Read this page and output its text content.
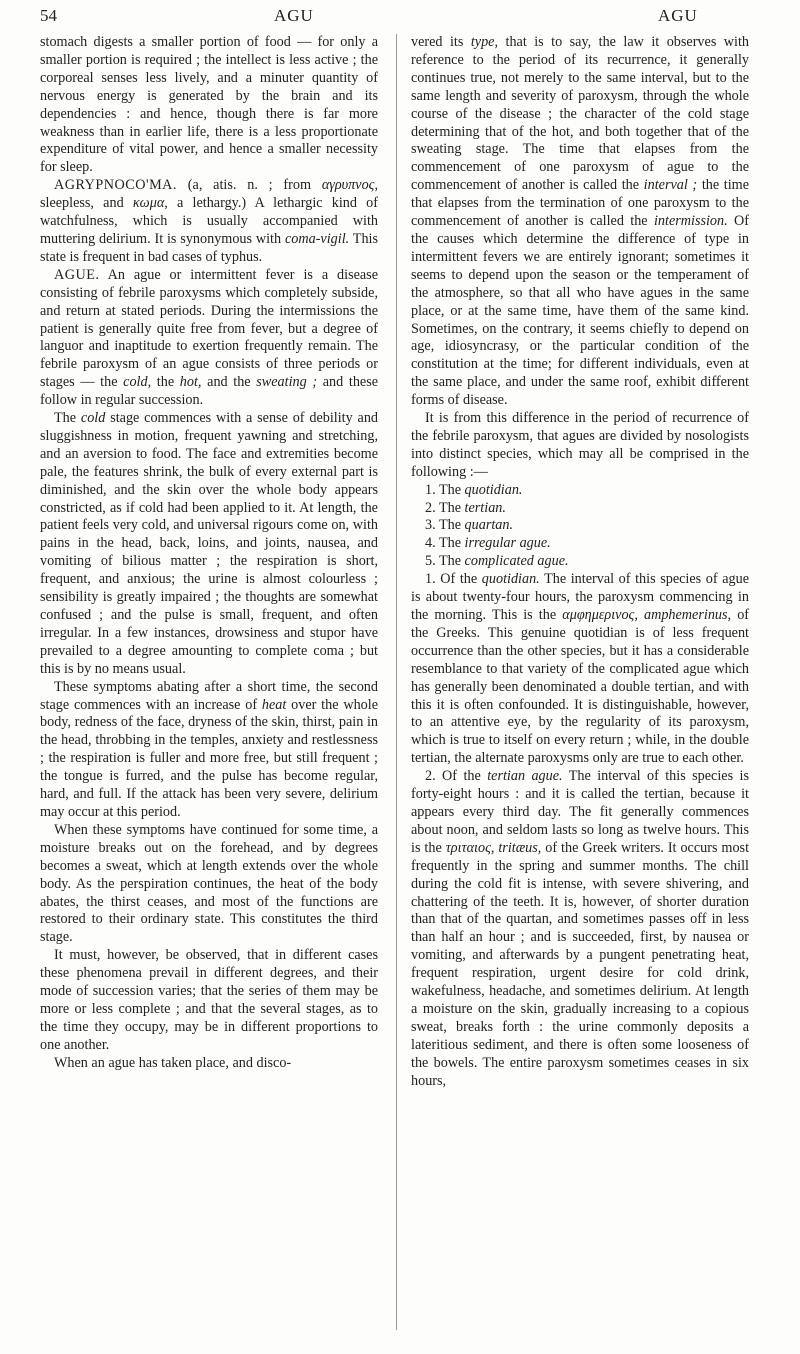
54	AGU	AGU

stomach digests a smaller portion of food — for only a smaller portion is required ; the intellect is less active ; the corporeal senses less lively, and a minuter quantity of nervous energy is generated by the brain and its dependencies : and hence, though there is far more weakness than in earlier life, there is a less proportionate expenditure of vital power, and hence a smaller necessity for sleep.

AGRYPNOCO'MA. (a, atis. n. ; from αγρυπνος, sleepless, and κωμα, a lethargy.) A lethargic kind of watchfulness, which is usually accompanied with muttering delirium. It is synonymous with coma-vigil. This state is frequent in bad cases of typhus.

AGUE. An ague or intermittent fever is a disease consisting of febrile paroxysms which completely subside, and return at stated periods. During the intermissions the patient is generally quite free from fever, but a degree of languor and inaptitude to exertion frequently remain. The febrile paroxysm of an ague consists of three periods or stages — the cold, the hot, and the sweating ; and these follow in regular succession.

The cold stage commences with a sense of debility and sluggishness in motion, frequent yawning and stretching, and an aversion to food. The face and extremities become pale, the features shrink, the bulk of every external part is diminished, and the skin over the whole body appears constricted, as if cold had been applied to it. At length, the patient feels very cold, and universal rigours come on, with pains in the head, back, loins, and joints, nausea, and vomiting of bilious matter ; the respiration is short, frequent, and anxious; the urine is almost colourless ; sensibility is greatly impaired ; the thoughts are somewhat confused ; and the pulse is small, frequent, and often irregular. In a few instances, drowsiness and stupor have prevailed to a degree amounting to complete coma ; but this is by no means usual.

These symptoms abating after a short time, the second stage commences with an increase of heat over the whole body, redness of the face, dryness of the skin, thirst, pain in the head, throbbing in the temples, anxiety and restlessness ; the respiration is fuller and more free, but still frequent ; the tongue is furred, and the pulse has become regular, hard, and full. If the attack has been very severe, delirium may occur at this period.

When these symptoms have continued for some time, a moisture breaks out on the forehead, and by degrees becomes a sweat, which at length extends over the whole body. As the perspiration continues, the heat of the body abates, the thirst ceases, and most of the functions are restored to their ordinary state. This constitutes the third stage.

It must, however, be observed, that in different cases these phenomena prevail in different degrees, and their mode of succession varies; that the series of them may be more or less complete ; and that the several stages, as to the time they occupy, may be in different proportions to one another.

When an ague has taken place, and disco-

vered its type, that is to say, the law it observes with reference to the period of its recurrence, it generally continues true, not merely to the same interval, but to the same length and severity of paroxysm, through the whole course of the disease ; the character of the cold stage determining that of the hot, and both together that of the sweating stage. The time that elapses from the commencement of one paroxysm of ague to the commencement of another is called the interval ; the time that elapses from the termination of one paroxysm to the commencement of another is called the intermission. Of the causes which determine the difference of type in intermittent fevers we are entirely ignorant; sometimes it seems to depend upon the season or the temperament of the atmosphere, so that all who have agues in the same place, or at the same time, have them of the same kind. Sometimes, on the contrary, it seems chiefly to depend on age, idiosyncrasy, or the particular condition of the constitution at the time; for different individuals, even at the same place, and under the same roof, exhibit different forms of disease.

It is from this difference in the period of recurrence of the febrile paroxysm, that agues are divided by nosologists into distinct species, which may all be comprised in the following :—

1. The quotidian.
2. The tertian.
3. The quartan.
4. The irregular ague.
5. The complicated ague.

1. Of the quotidian. The interval of this species of ague is about twenty-four hours, the paroxysm commencing in the morning. This is the αμφημερινος, amphemerinus, of the Greeks. This genuine quotidian is of less frequent occurrence than the other species, but it has a considerable resemblance to that variety of the complicated ague which has generally been denominated a double tertian, and with this it is often confounded. It is distinguishable, however, to an attentive eye, by the regularity of its paroxysm, which is true to itself on every return ; while, in the double tertian, the alternate paroxysms only are true to each other.

2. Of the tertian ague. The interval of this species is forty-eight hours : and it is called the tertian, because it appears every third day. The fit generally commences about noon, and seldom lasts so long as twelve hours. This is the τριταιος, tritæus, of the Greek writers. It occurs most frequently in the spring and summer months. The chill during the cold fit is intense, with severe shivering, and chattering of the teeth. It is, however, of shorter duration than that of the quartan, and sometimes passes off in less than half an hour ; and is succeeded, first, by nausea or vomiting, and afterwards by a pungent penetrating heat, frequent respiration, urgent desire for cold drink, wakefulness, headache, and sometimes delirium. At length a moisture on the skin, gradually increasing to a copious sweat, breaks forth : the urine commonly deposits a lateritious sediment, and there is often some looseness of the bowels. The entire paroxysm sometimes ceases in six hours,
